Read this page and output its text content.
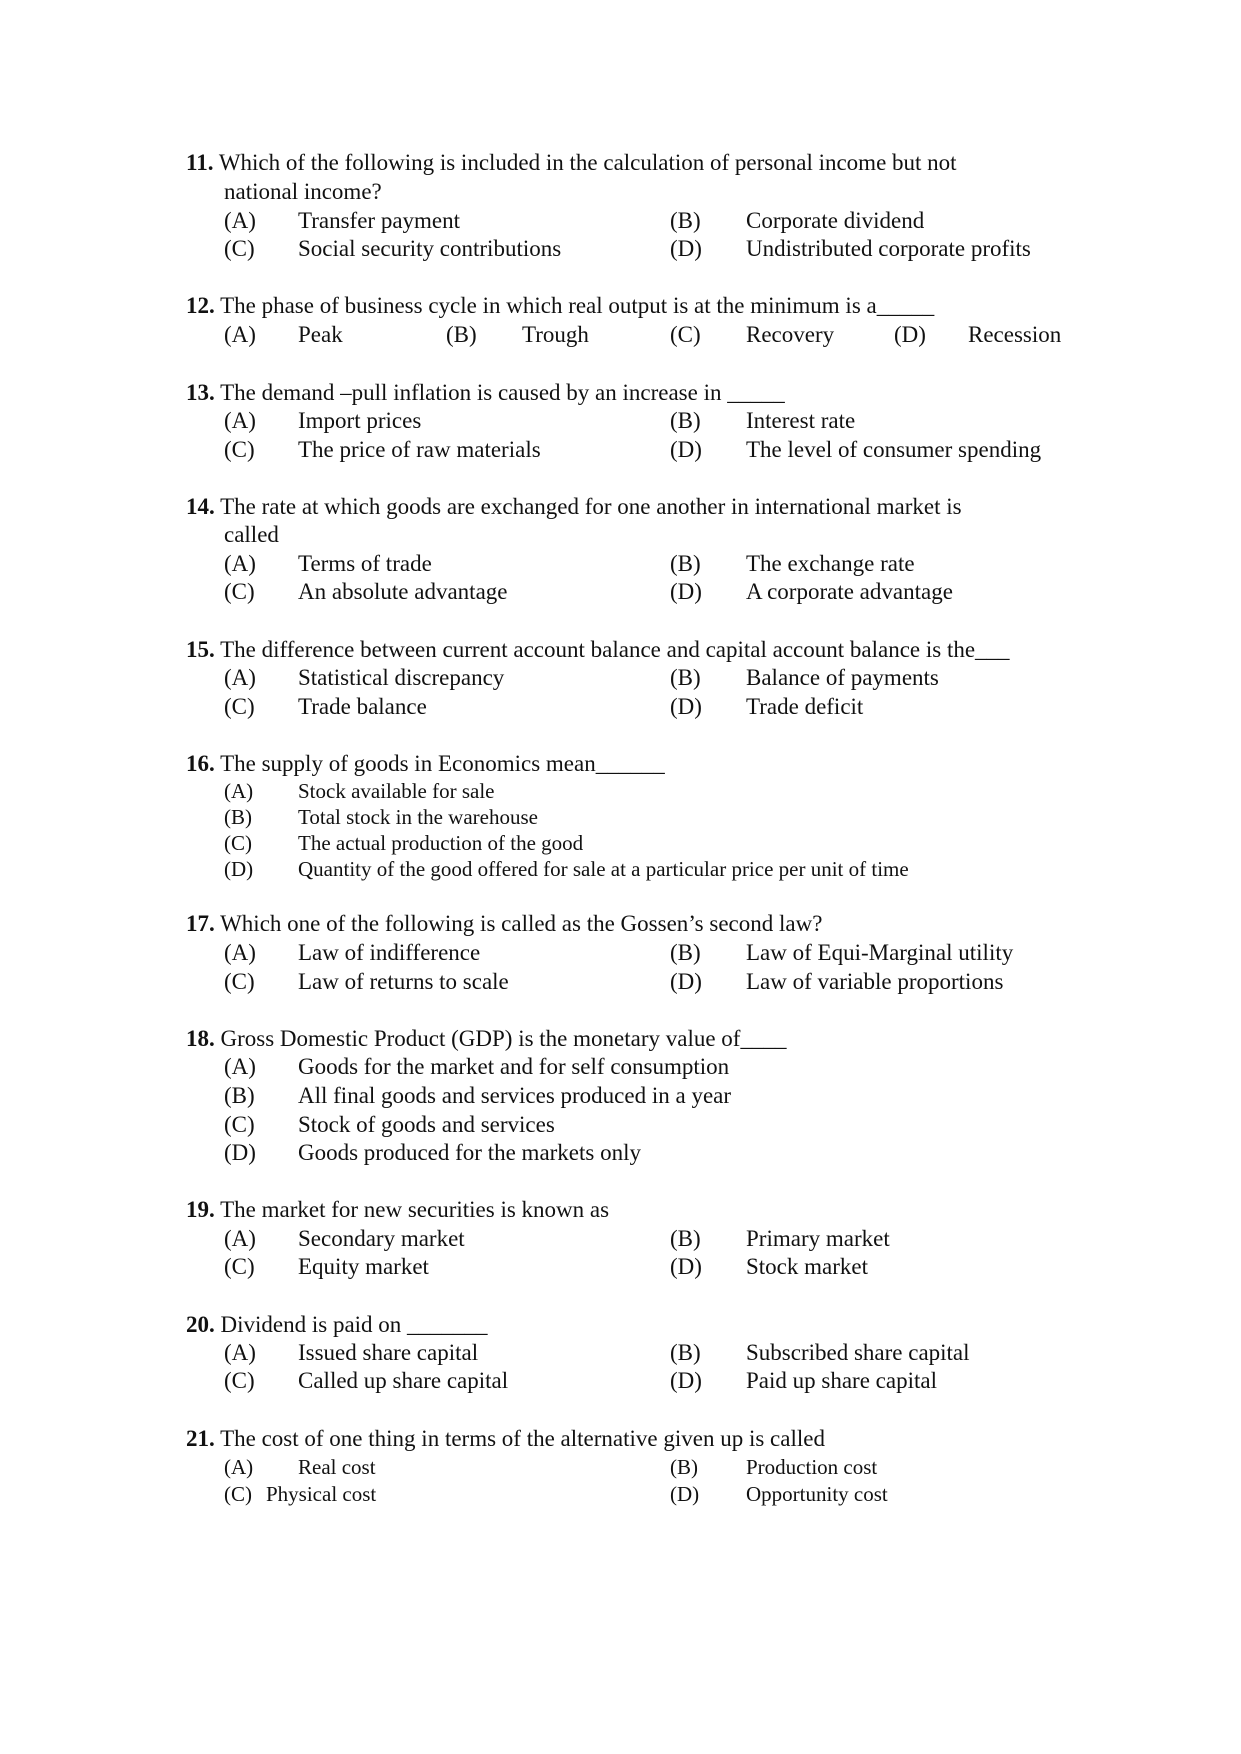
11. Which of the following is included in the calculation of personal income but not
national income?
(A) Transfer payment	(B) Corporate dividend
(C) Social security contributions	(D) Undistributed corporate profits
12. The phase of business cycle in which real output is at the minimum is a_____
(A) Peak	(B) Trough	(C) Recovery	(D) Recession
13. The demand –pull inflation is caused by an increase in _____
(A) Import prices	(B) Interest rate
(C) The price of raw materials	(D) The level of consumer spending
14. The rate at which goods are exchanged for one another in international market is
called
(A) Terms of trade	(B) The exchange rate
(C) An absolute advantage	(D) A corporate advantage
15. The difference between current account balance and capital account balance is the___
(A) Statistical discrepancy	(B) Balance of payments
(C) Trade balance	(D) Trade deficit
16. The supply of goods in Economics mean______
(A) Stock available for sale
(B) Total stock in the warehouse
(C) The actual production of the good
(D) Quantity of the good offered for sale at a particular price per unit of time
17. Which one of the following is called as the Gossen’s second law?
(A) Law of indifference	(B) Law of Equi-Marginal utility
(C) Law of returns to scale	(D) Law of variable proportions
18. Gross Domestic Product (GDP) is the monetary value of____
(A) Goods for the market and for self consumption
(B) All final goods and services produced in a year
(C) Stock of goods and services
(D) Goods produced for the markets only
19. The market for new securities is known as
(A) Secondary market	(B) Primary market
(C) Equity market	(D) Stock market
20. Dividend is paid on _______
(A) Issued share capital	(B) Subscribed share capital
(C) Called up share capital	(D) Paid up share capital
21. The cost of one thing in terms of the alternative given up is called
(A) Real cost	(B) Production cost
(C) Physical cost	(D) Opportunity cost
